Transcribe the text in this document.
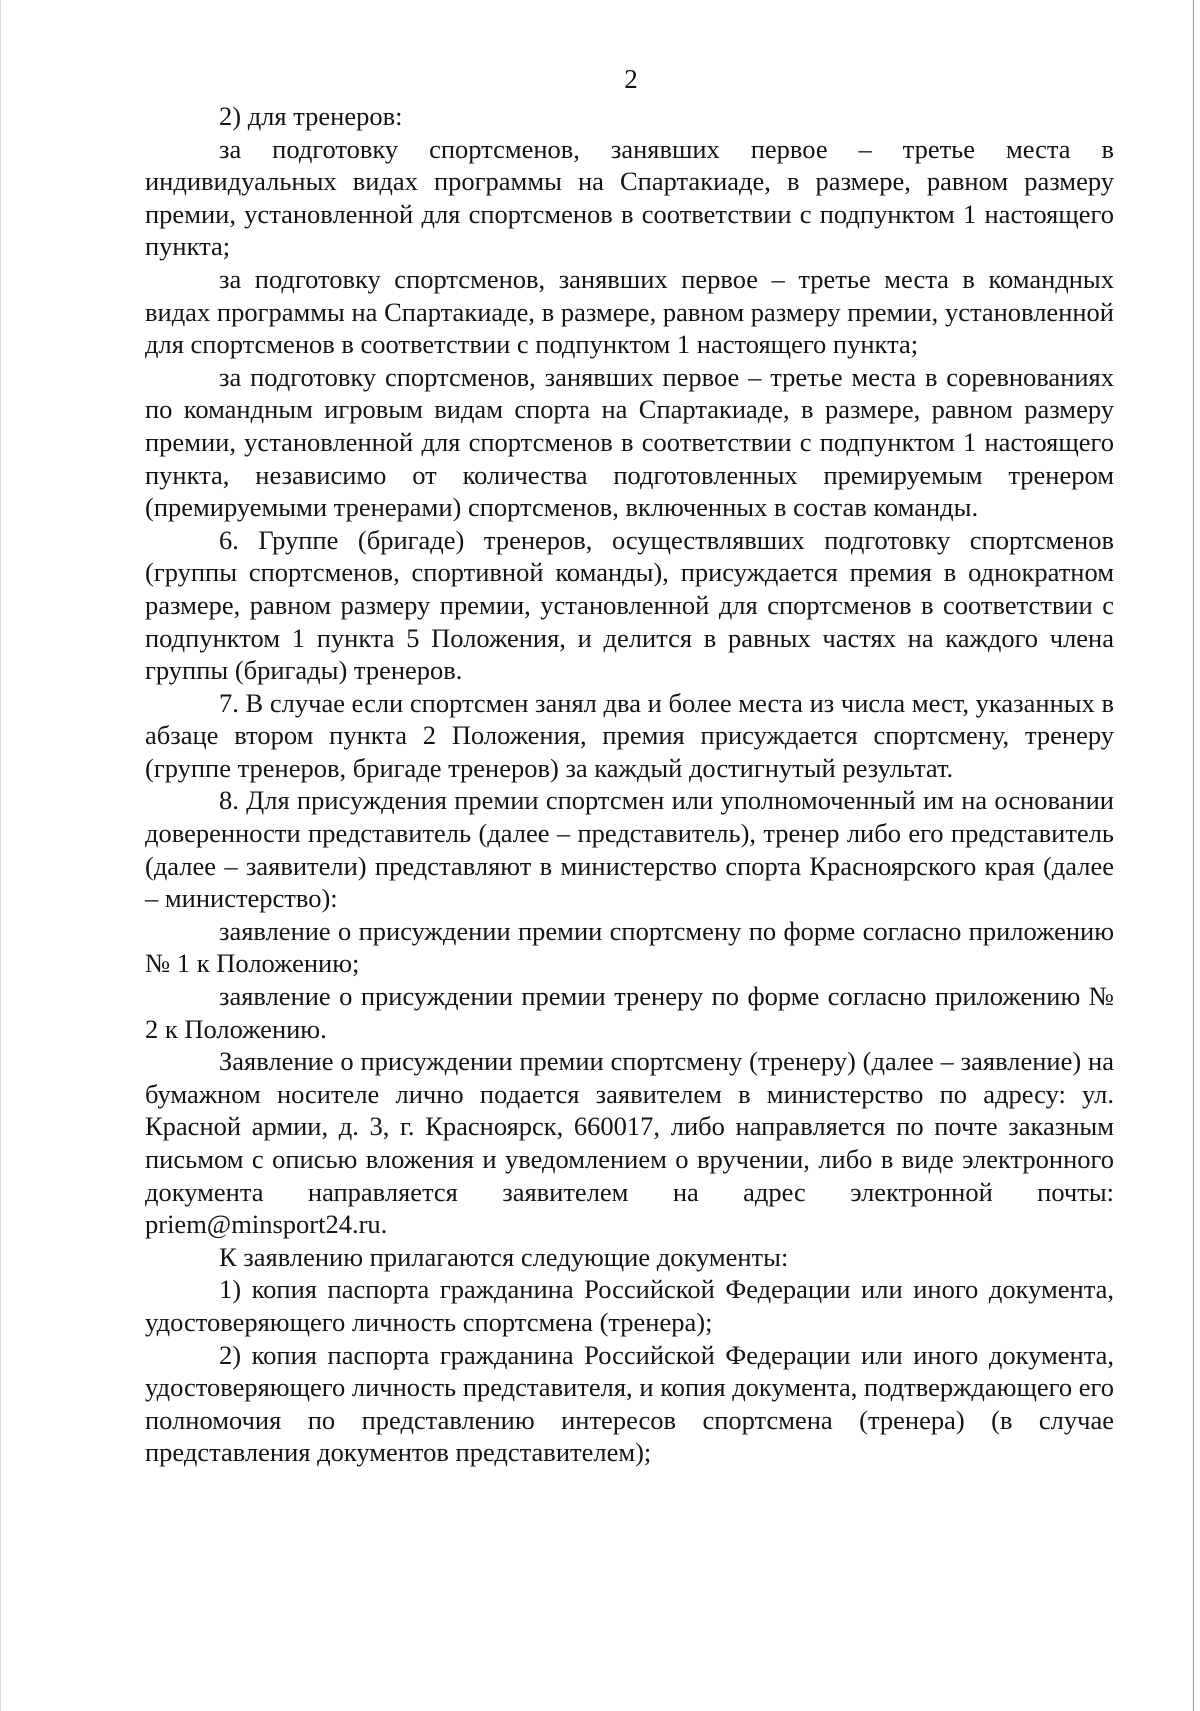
2

2) для тренеров:

за подготовку спортсменов, занявших первое – третье места в индивидуальных видах программы на Спартакиаде, в размере, равном размеру премии, установленной для спортсменов в соответствии с подпунктом 1 настоящего пункта;

за подготовку спортсменов, занявших первое – третье места в командных видах программы на Спартакиаде, в размере, равном размеру премии, установленной для спортсменов в соответствии с подпунктом 1 настоящего пункта;

за подготовку спортсменов, занявших первое – третье места в соревнованиях по командным игровым видам спорта на Спартакиаде, в размере, равном размеру премии, установленной для спортсменов в соответствии с подпунктом 1 настоящего пункта, независимо от количества подготовленных премируемым тренером (премируемыми тренерами) спортсменов, включенных в состав команды.

6. Группе (бригаде) тренеров, осуществлявших подготовку спортсменов (группы спортсменов, спортивной команды), присуждается премия в однократном размере, равном размеру премии, установленной для спортсменов в соответствии с подпунктом 1 пункта 5 Положения, и делится в равных частях на каждого члена группы (бригады) тренеров.

7. В случае если спортсмен занял два и более места из числа мест, указанных в абзаце втором пункта 2 Положения, премия присуждается спортсмену, тренеру (группе тренеров, бригаде тренеров) за каждый достигнутый результат.

8. Для присуждения премии спортсмен или уполномоченный им на основании доверенности представитель (далее – представитель), тренер либо его представитель (далее – заявители) представляют в министерство спорта Красноярского края (далее – министерство):

заявление о присуждении премии спортсмену по форме согласно приложению № 1 к Положению;

заявление о присуждении премии тренеру по форме согласно приложению № 2 к Положению.

Заявление о присуждении премии спортсмену (тренеру) (далее – заявление) на бумажном носителе лично подается заявителем в министерство по адресу: ул. Красной армии, д. 3, г. Красноярск, 660017, либо направляется по почте заказным письмом с описью вложения и уведомлением о вручении, либо в виде электронного документа направляется заявителем на адрес электронной почты: priem@minsport24.ru.

К заявлению прилагаются следующие документы:

1) копия паспорта гражданина Российской Федерации или иного документа, удостоверяющего личность спортсмена (тренера);

2) копия паспорта гражданина Российской Федерации или иного документа, удостоверяющего личность представителя, и копия документа, подтверждающего его полномочия по представлению интересов спортсмена (тренера) (в случае представления документов представителем);
